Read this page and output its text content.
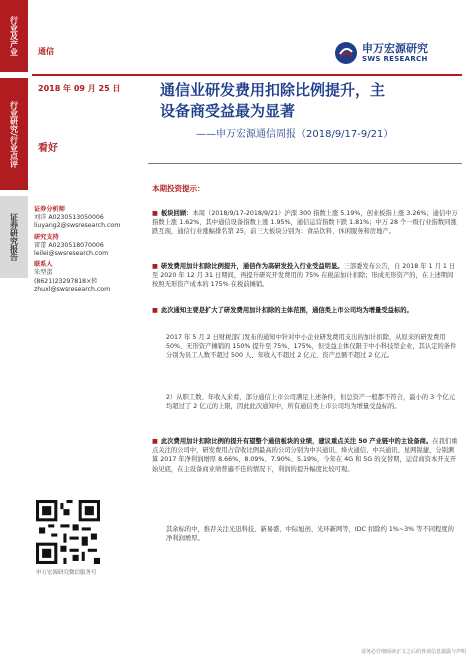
行业及产业
行业研究/行业点评
证券研究报告
通信	申万宏源研究
SWS RESEARCH
2018 年 09 月 25 日
看好
通信业研发费用扣除比例提升，主
设备商受益最为显著
——申万宏源通信周报（2018/9/17-9/21）
证券分析师
刘洋 A0230513050006
liuyang2@swsresearch.com
研究支持
雷蕾 A0230518070006
leilei@swsresearch.com
联系人
朱型蛋
(8621)23297818×转
zhuxl@swsresearch.com
申万宏源研究微信服务号
本期投资提示：
■ 板块回顾：本周（2018/9/17-2018/9/21）沪深 300 指数上涨 5.19%，创业板指上涨 3.26%；通信中万指数上涨 1.62%，其中通信设备指数上涨 1.95%，通信运营指数下跌 1.81%；中万 28 个一级行业指数同涨跌互现，通信行业涨幅排名第 25，前三大板块分别为：食品饮料、休闲服务和房地产。
■ 研发费用加计扣除比例提升，通信作为高研发投入行业受益明显。三部委发布公告，自 2018 年 1 月 1 日至 2020 年 12 月 31 日期间，再提升研究开发费用的 75% 在税前加计扣除；形成无形资产的，在上述期间按照无形资产成本的 175% 在税前摊销。
■ 此次通知主要是扩大了研发费用加计扣除的主体范围，通信类上市公司均为增量受益标的。
2017 年 5 月 2 日财税部门发布的通知中针对中小企业研发费用支出的加计扣除，从原来的研发费用 50%、无形资产摊销的 150% 提升至 75%、175%，但受益主体仅限于中小科技型企业，其认定的条件分别为员工人数不超过 500 人、年收入不超过 2 亿元、资产总额不超过 2 亿元。
2）从职工数、年收入来看，部分通信上市公司满足上述条件，但总资产一般都不符合，最小的 3 个亿元均超过了 2 亿元的上限，因此此次通知中，所有通信类上市公司均为增量受益标的。
■ 此次费用加计扣除比例的提升有望整个通信板块的业绩，建议重点关注 50 产业链中的主设备商。在我们重点关注的公司中，研发费用占营收比例最高的公司分别为中兴通讯、烽火通信、中兴通讯、星网锐捷，分别测算 2017 年净利润增厚 8.66%、8.09%、7.90%、5.19%，今年在 4G 和 5G 的交替期，运营商资本开支开始见底，在主设备商业绩普遍不佳的情况下，利润的提升幅度比较可观。
其余标的中，推荐关注光迅科技、新易盛、中际旭创、光环新网等，IDC 扣除约 1%~3% 等不同程度的净利润增厚。
请务必仔细阅读正文之后的各项信息披露与声明
